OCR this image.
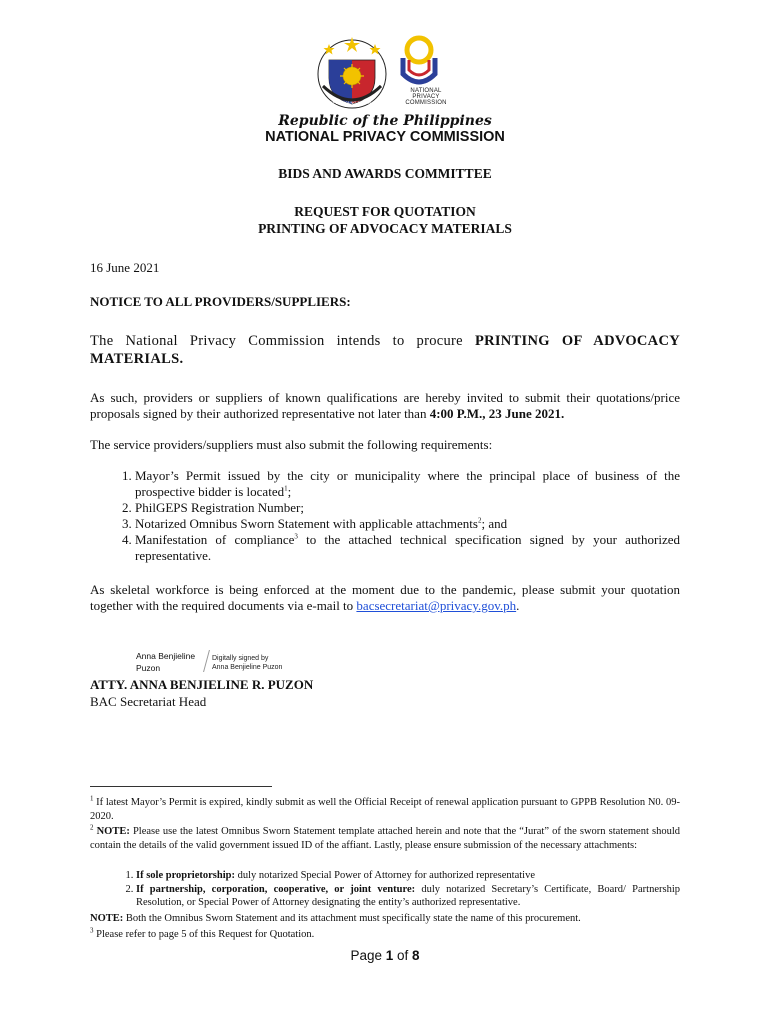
REPUBLIKA NG PILIPINAS
NATIONAL
PRIVACY
COMMISSION
Republic of the Philippines
NATIONAL PRIVACY COMMISSION
BIDS AND AWARDS COMMITTEE
REQUEST FOR QUOTATION
PRINTING OF ADVOCACY MATERIALS
16 June 2021
NOTICE TO ALL PROVIDERS/SUPPLIERS:
The National Privacy Commission intends to procure PRINTING OF ADVOCACY MATERIALS.
As such, providers or suppliers of known qualifications are hereby invited to submit their quotations/price proposals signed by their authorized representative not later than 4:00 P.M., 23 June 2021.
The service providers/suppliers must also submit the following requirements:
1. Mayor’s Permit issued by the city or municipality where the principal place of business of the prospective bidder is located$^1$;
2. PhilGEPS Registration Number;
3. Notarized Omnibus Sworn Statement with applicable attachments$^2$; and
4. Manifestation of compliance$^3$ to the attached technical specification signed by your authorized representative.
As skeletal workforce is being enforced at the moment due to the pandemic, please submit your quotation together with the required documents via e-mail to bacsecretariat@privacy.gov.ph.
Anna Benjieline
Puzon
Digitally signed by
Anna Benjieline Puzon
ATTY. ANNA BENJIELINE R. PUZON
BAC Secretariat Head
$^1$ If latest Mayor’s Permit is expired, kindly submit as well the Official Receipt of renewal application pursuant to GPPB Resolution N0. 09-2020.
$^2$ NOTE: Please use the latest Omnibus Sworn Statement template attached herein and note that the “Jurat” of the sworn statement should contain the details of the valid government issued ID of the affiant. Lastly, please ensure submission of the necessary attachments:
1. If sole proprietorship: duly notarized Special Power of Attorney for authorized representative
2. If partnership, corporation, cooperative, or joint venture: duly notarized Secretary’s Certificate, Board/ Partnership Resolution, or Special Power of Attorney designating the entity’s authorized representative.
NOTE: Both the Omnibus Sworn Statement and its attachment must specifically state the name of this procurement.
$^3$ Please refer to page 5 of this Request for Quotation.
Page 1 of 8
